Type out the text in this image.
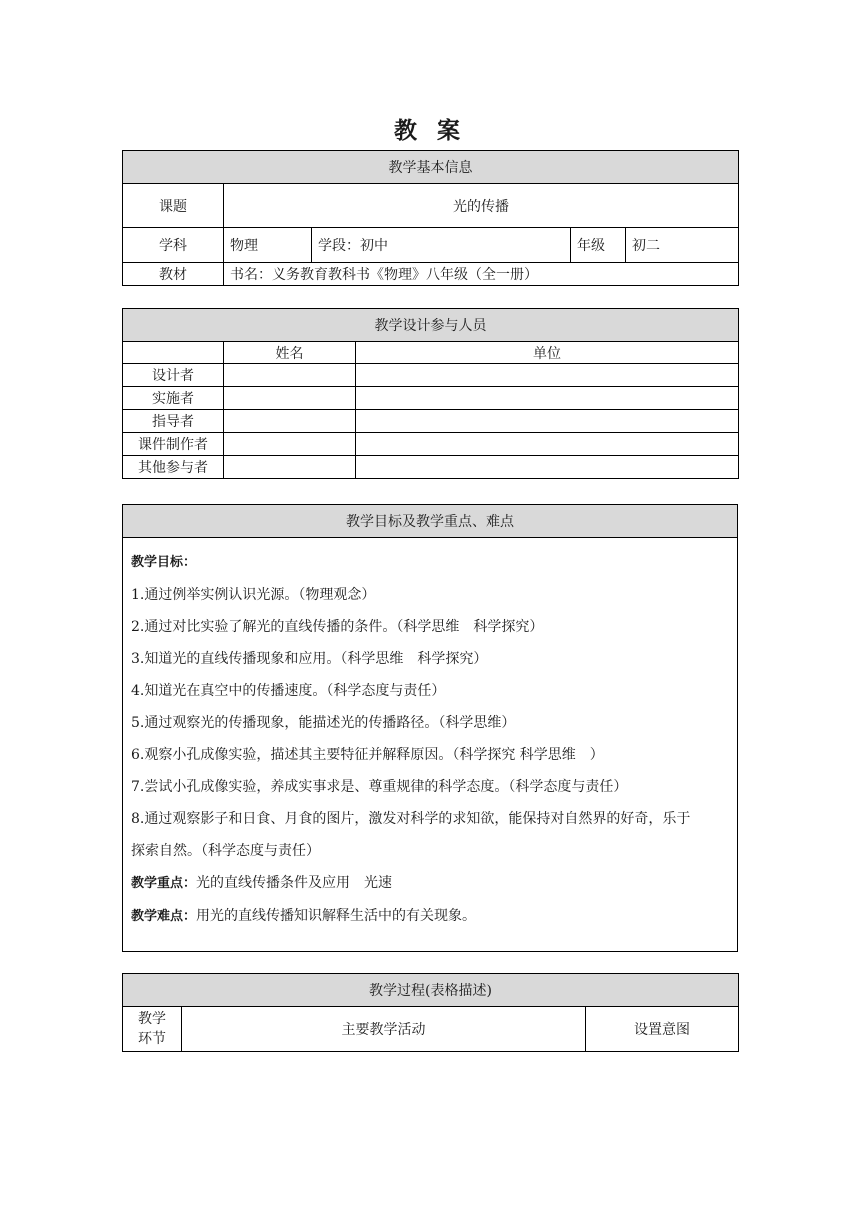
教 案
教学基本信息				
课题	光的传播			
学科	物理	学段：初中	年级	初二
教材	书名：义务教育教科书《物理》八年级（全一册）			
教学设计参与人员		
	姓名	单位
设计者		
实施者		
指导者		
课件制作者		
其他参与者		
教学目标及教学重点、难点

教学目标：

1.通过例举实例认识光源。（物理观念）

2.通过对比实验了解光的直线传播的条件。（科学思维　科学探究）

3.知道光的直线传播现象和应用。（科学思维　科学探究）

4.知道光在真空中的传播速度。（科学态度与责任）

5.通过观察光的传播现象，能描述光的传播路径。（科学思维）

6.观察小孔成像实验，描述其主要特征并解释原因。（科学探究 科学思维　）

7.尝试小孔成像实验，养成实事求是、尊重规律的科学态度。（科学态度与责任）

8.通过观察影子和日食、月食的图片，激发对科学的求知欲，能保持对自然界的好奇，乐于

探索自然。（科学态度与责任）

教学重点：光的直线传播条件及应用　光速

教学难点：用光的直线传播知识解释生活中的有关现象。

教学过程(表格描述)
教学
环节	主要教学活动	设置意图
